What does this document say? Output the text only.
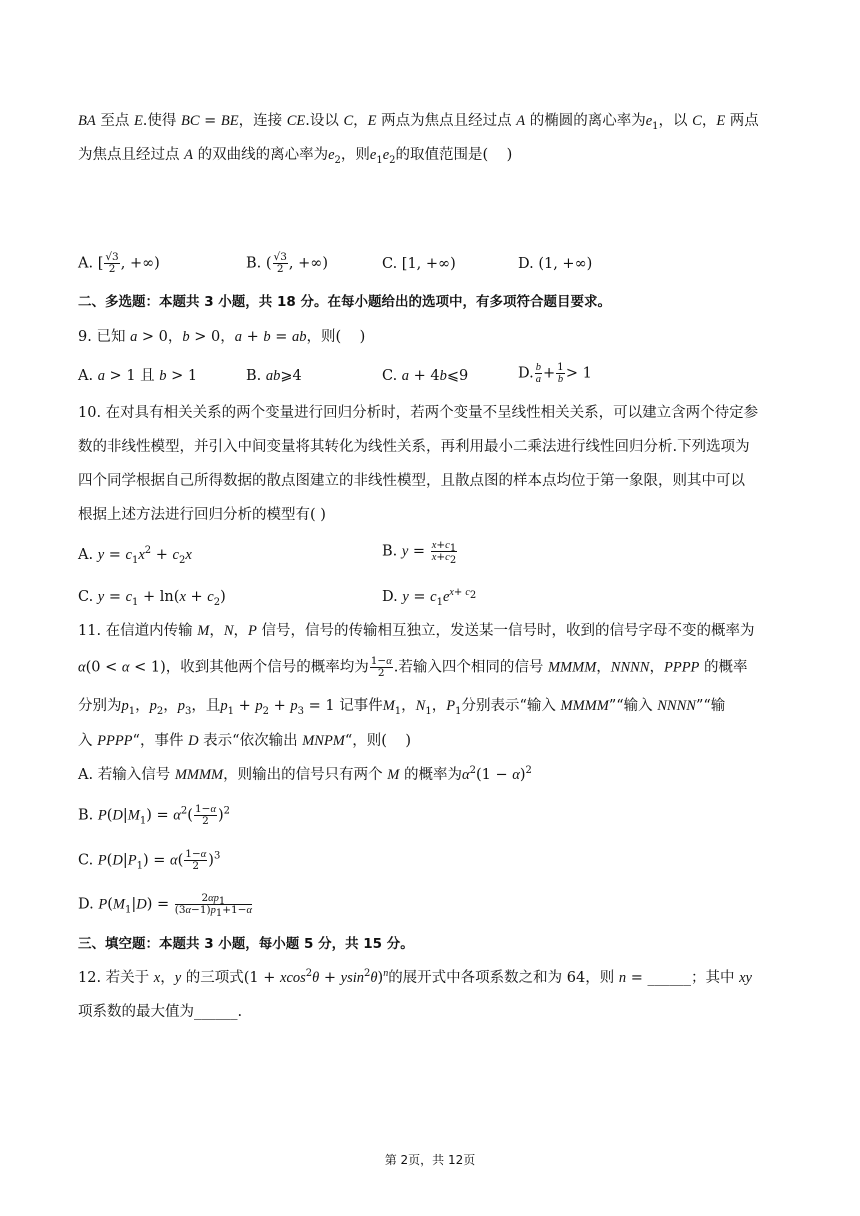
BA 至点 E.使得 BC = BE，连接 CE.设以 C，E 两点为焦点且经过点 A 的椭圆的离心率为$e_1$，以 C，E 两点
为焦点且经过点 A 的双曲线的离心率为$e_2$，则$e_1e_2$的取值范围是(    )
A. [ $\frac{√3}{2}$ , +∞)	B. ( $\frac{√3}{2}$ , +∞)	C. [1, +∞)	D. (1, +∞)
二、多选题：本题共 3 小题，共 18 分。在每小题给出的选项中，有多项符合题目要求。
9. 已知 a > 0，b > 0，a + b = ab，则(    )
A. a > 1 且 b > 1	B. ab⩾4	C. a + 4b⩽9	D. $\frac{b}{a} + \frac{1}{b} > 1$
10. 在对具有相关关系的两个变量进行回归分析时，若两个变量不呈线性相关关系，可以建立含两个待定参
数的非线性模型，并引入中间变量将其转化为线性关系，再利用最小二乘法进行线性回归分析.下列选项为
四个同学根据自己所得数据的散点图建立的非线性模型，且散点图的样本点均位于第一象限，则其中可以
根据上述方法进行回归分析的模型有( )
A. $y = c_1x^2 + c_2x$	B. $y = \frac{x+c_1}{x+c_2}$
C. $y = c_1 + \ln(x + c_2)$	D. $y = c_1e^{x+ c_2}$
11. 在信道内传输 M，N，P 信号，信号的传输相互独立，发送某一信号时，收到的信号字母不变的概率为
α(0 < α < 1)，收到其他两个信号的概率均为 $\frac{1-\alpha}{2}$ .若输入四个相同的信号 MMMM，NNNN，PPPP 的概率
分别为$p_1$，$p_2$，$p_3$，且$p_1 + p_2 + p_3 = 1$ 记事件$M_1$，$N_1$，$P_1$分别表示“输入 MMMM”“输入 NNNN”“输
入 PPPP“，事件 D 表示“依次输出 MNPM“，则(    )
A. 若输入信号 MMMM，则输出的信号只有两个 M 的概率为$\alpha^2(1 - \alpha)^2$
B. $P(D|M_1) = \alpha^2( \frac{1-\alpha}{2} )^2$
C. $P(D|P_1) = \alpha( \frac{1-\alpha}{2} )^3$
D. $P(M_1|D) = \frac{2\alpha p_1}{(3\alpha-1)p_1+1-\alpha}$
三、填空题：本题共 3 小题，每小题 5 分，共 15 分。
12. 若关于 x，y 的三项式$(1 + xcos^2\theta + ysin^2\theta)^n$的展开式中各项系数之和为 64，则 n = ______；其中 xy
项系数的最大值为______.
第 2页，共 12页
